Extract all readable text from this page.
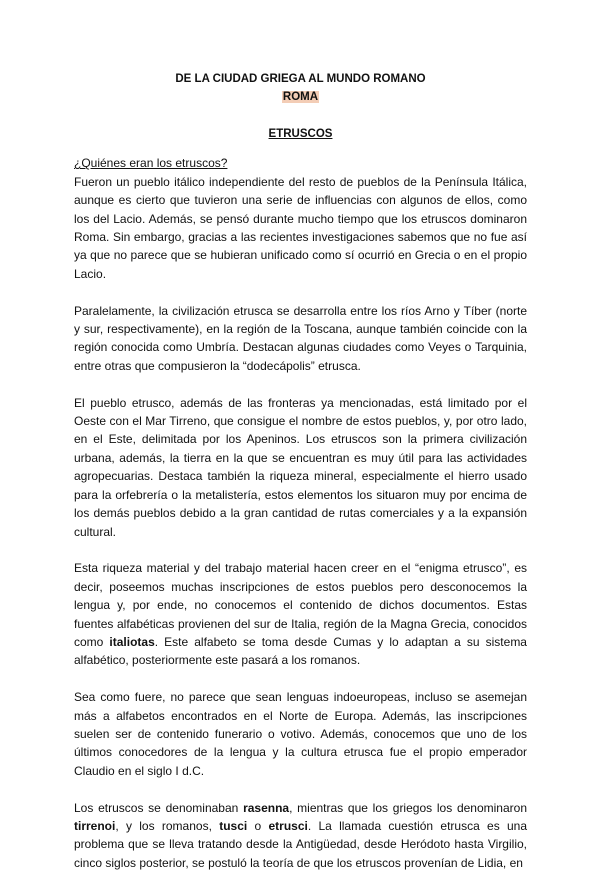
DE LA CIUDAD GRIEGA AL MUNDO ROMANO
ROMA
ETRUSCOS
¿Quiénes eran los etruscos?

Fueron un pueblo itálico independiente del resto de pueblos de la Península Itálica, aunque es cierto que tuvieron una serie de influencias con algunos de ellos, como los del Lacio. Además, se pensó durante mucho tiempo que los etruscos dominaron Roma. Sin embargo, gracias a las recientes investigaciones sabemos que no fue así ya que no parece que se hubieran unificado como sí ocurrió en Grecia o en el propio Lacio.

Paralelamente, la civilización etrusca se desarrolla entre los ríos Arno y Tíber (norte y sur, respectivamente), en la región de la Toscana, aunque también coincide con la región conocida como Umbría. Destacan algunas ciudades como Veyes o Tarquinia, entre otras que compusieron la “dodecápolis” etrusca.

El pueblo etrusco, además de las fronteras ya mencionadas, está limitado por el Oeste con el Mar Tirreno, que consigue el nombre de estos pueblos, y, por otro lado, en el Este, delimitada por los Apeninos. Los etruscos son la primera civilización urbana, además, la tierra en la que se encuentran es muy útil para las actividades agropecuarias. Destaca también la riqueza mineral, especialmente el hierro usado para la orfebrería o la metalistería, estos elementos los situaron muy por encima de los demás pueblos debido a la gran cantidad de rutas comerciales y a la expansión cultural.

Esta riqueza material y del trabajo material hacen creer en el “enigma etrusco”, es decir, poseemos muchas inscripciones de estos pueblos pero desconocemos la lengua y, por ende, no conocemos el contenido de dichos documentos. Estas fuentes alfabéticas provienen del sur de Italia, región de la Magna Grecia, conocidos como italiotas. Este alfabeto se toma desde Cumas y lo adaptan a su sistema alfabético, posteriormente este pasará a los romanos.

Sea como fuere, no parece que sean lenguas indoeuropeas, incluso se asemejan más a alfabetos encontrados en el Norte de Europa. Además, las inscripciones suelen ser de contenido funerario o votivo. Además, conocemos que uno de los últimos conocedores de la lengua y la cultura etrusca fue el propio emperador Claudio en el siglo I d.C.

Los etruscos se denominaban rasenna, mientras que los griegos los denominaron tirrenoi, y los romanos, tusci o etrusci. La llamada cuestión etrusca es una problema que se lleva tratando desde la Antigüedad, desde Heródoto hasta Virgilio, cinco siglos posterior, se postuló la teoría de que los etruscos provenían de Lidia, en
